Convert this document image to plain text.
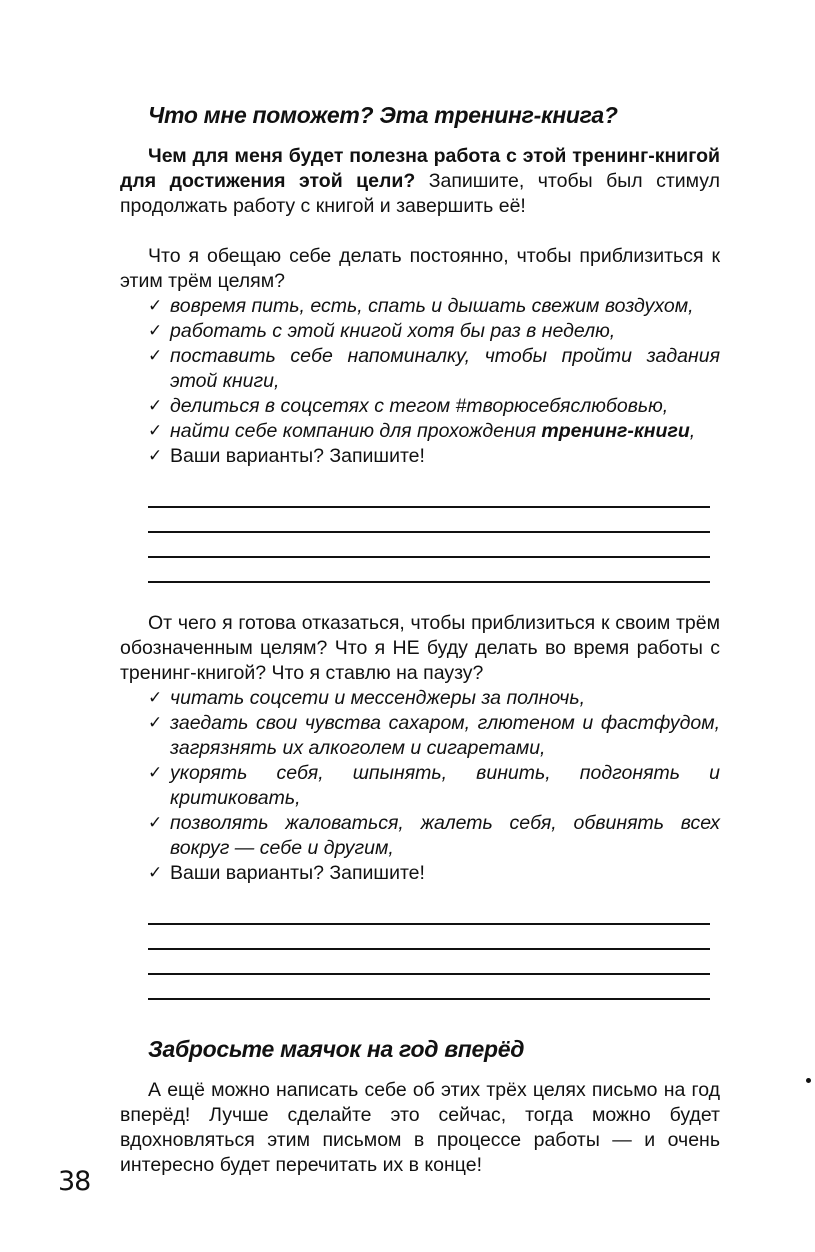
Что мне поможет? Эта тренинг-книга?

Чем для меня будет полезна работа с этой тренинг-книгой для достижения этой цели? Запишите, чтобы был стимул продолжать работу с книгой и завершить её!

Что я обещаю себе делать постоянно, чтобы приблизиться к этим трём целям?

✓ вовремя пить, есть, спать и дышать свежим воздухом,
✓ работать с этой книгой хотя бы раз в неделю,
✓ поставить себе напоминалку, чтобы пройти задания этой книги,
✓ делиться в соцсетях с тегом #творюсебяслюбовью,
✓ найти себе компанию для прохождения тренинг-книги,
✓ Ваши варианты? Запишите!

От чего я готова отказаться, чтобы приблизиться к своим трём обозначенным целям? Что я НЕ буду делать во время работы с тренинг-книгой? Что я ставлю на паузу?

✓ читать соцсети и мессенджеры за полночь,
✓ заедать свои чувства сахаром, глютеном и фастфудом, загрязнять их алкоголем и сигаретами,
✓ укорять себя, шпынять, винить, подгонять и критиковать,
✓ позволять жаловаться, жалеть себя, обвинять всех вокруг — себе и другим,
✓ Ваши варианты? Запишите!
Забросьте маячок на год вперёд

А ещё можно написать себе об этих трёх целях письмо на год вперёд! Лучше сделайте это сейчас, тогда можно будет вдохновляться этим письмом в процессе работы — и очень интересно будет перечитать их в конце!

38
